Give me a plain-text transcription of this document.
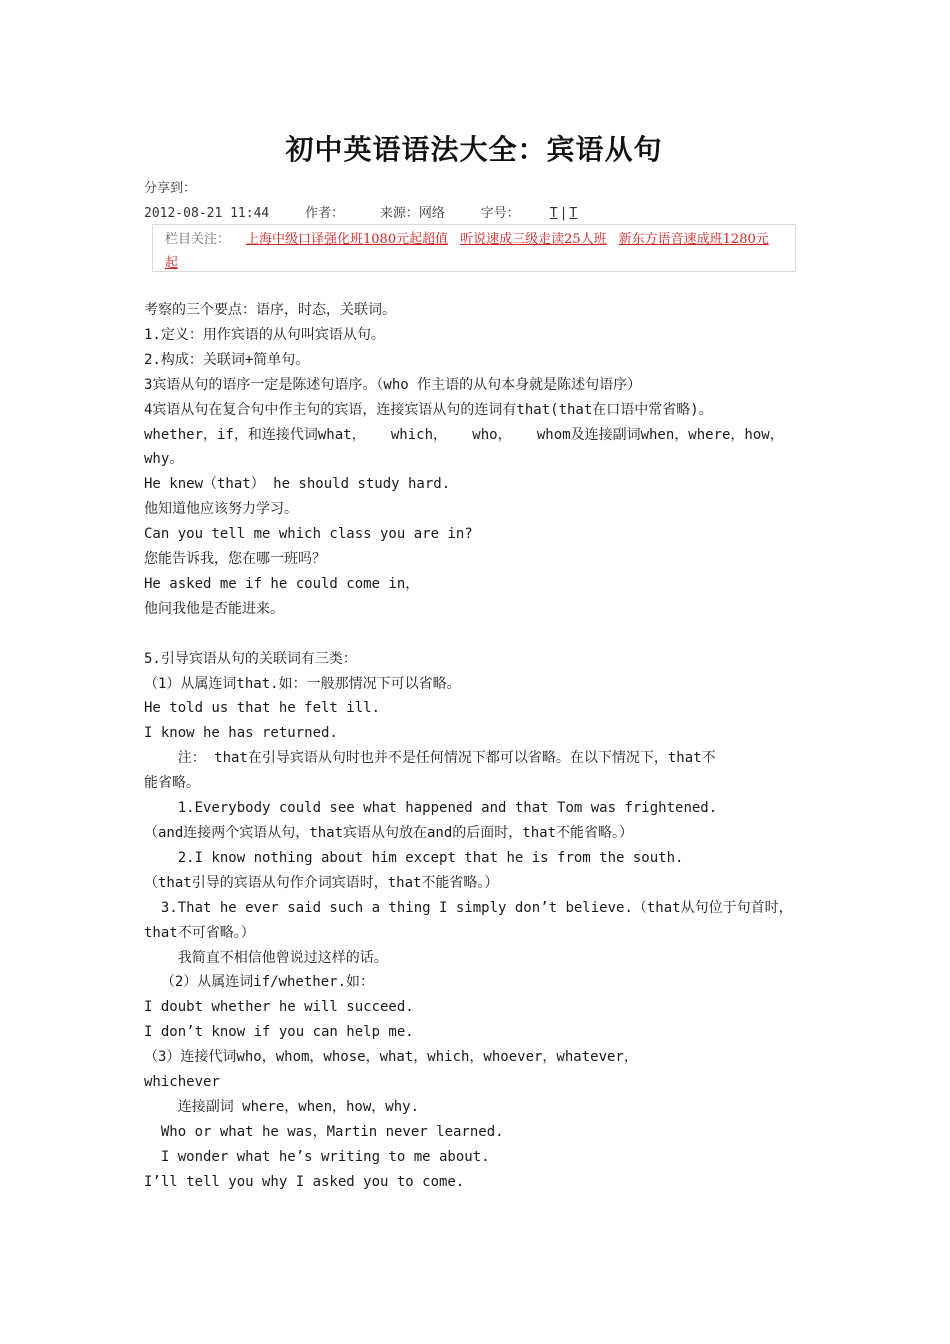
初中英语语法大全：宾语从句
分享到：
2012-08-21 11:44	作者：	来源：网络	字号： T | T
栏目关注： 上海中级口译强化班1080元起超值 听说速成三级走读25人班 新东方语音速成班1280元起

考察的三个要点：语序，时态，关联词。

1.定义：用作宾语的从句叫宾语从句。

2.构成：关联词+简单句。

3宾语从句的语序一定是陈述句语序。（who 作主语的从句本身就是陈述句语序）

4宾语从句在复合句中作主句的宾语，连接宾语从句的连词有that(that在口语中常省略)。

whether，if，和连接代词what，   which，   who，   whom及连接副词when，where，how，

why。

He knew（that） he should study hard.

他知道他应该努力学习。

Can you tell me which class you are in?

您能告诉我，您在哪一班吗？

He asked me if he could come in，

他问我他是否能进来。

5.引导宾语从句的关联词有三类：

（1）从属连词that.如：一般那情况下可以省略。

He told us that he felt ill.

I know he has returned.

注： that在引导宾语从句时也并不是任何情况下都可以省略。在以下情况下，that不

能省略。

1.Everybody could see what happened and that Tom was frightened.

（and连接两个宾语从句，that宾语从句放在and的后面时，that不能省略。）

2.I know nothing about him except that he is from the south.

（that引导的宾语从句作介词宾语时，that不能省略。）

3.That he ever said such a thing I simply don’t believe.（that从句位于句首时，

that不可省略。）

我简直不相信他曾说过这样的话。

（2）从属连词if/whether.如：

I doubt whether he will succeed.

I don’t know if you can help me.

（3）连接代词who，whom，whose，what，which，whoever，whatever，

whichever

连接副词 where，when，how，why.

Who or what he was，Martin never learned.

I wonder what he’s writing to me about.

I’ll tell you why I asked you to come.
